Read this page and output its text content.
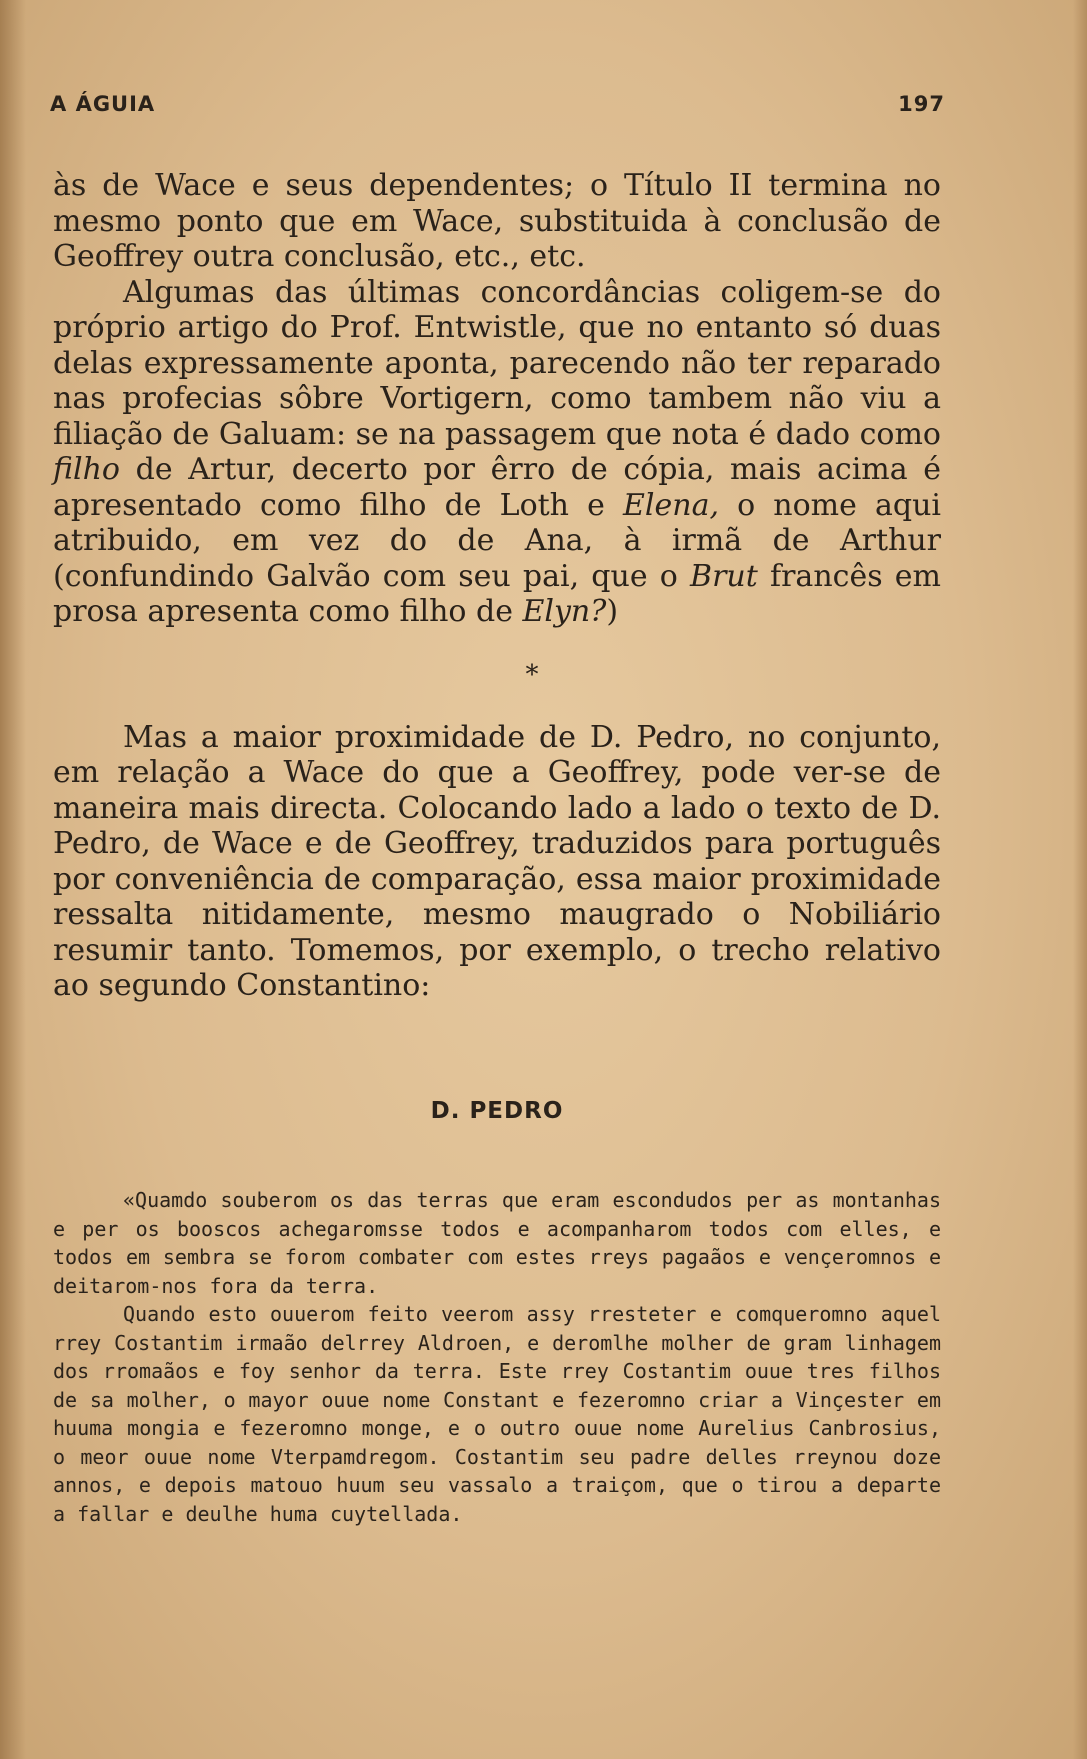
A ÁGUIA	197

às de Wace e seus dependentes; o Título II termina no mesmo ponto que em Wace, substituida à conclusão de Geoffrey outra conclusão, etc., etc.

Algumas das últimas concordâncias coligem-se do próprio artigo do Prof. Entwistle, que no entanto só duas delas expressamente aponta, parecendo não ter reparado nas profecias sôbre Vortigern, como tambem não viu a filiação de Galuam: se na passagem que nota é dado como filho de Artur, decerto por êrro de cópia, mais acima é apresentado como filho de Loth e Elena, o nome aqui atribuido, em vez do de Ana, à irmã de Arthur (confundindo Galvão com seu pai, que o Brut francês em prosa apresenta como filho de Elyn?)

*

Mas a maior proximidade de D. Pedro, no conjunto, em relação a Wace do que a Geoffrey, pode ver-se de maneira mais directa. Colocando lado a lado o texto de D. Pedro, de Wace e de Geoffrey, traduzidos para português por conveniência de comparação, essa maior proximidade ressalta nitidamente, mesmo maugrado o Nobiliário resumir tanto. Tomemos, por exemplo, o trecho relativo ao segundo Constantino:

D. PEDRO

«Quamdo souberom os das terras que eram escondudos per as montanhas e per os booscos achegaromsse todos e acompanharom todos com elles, e todos em sembra se forom combater com estes rreys pagaãos e vençeromnos e deitarom-nos fora da terra.

Quando esto ouuerom feito veerom assy rresteter e comqueromno aquel rrey Costantim irmaão delrrey Aldroen, e deromlhe molher de gram linhagem dos rromaãos e foy senhor da terra. Este rrey Costantim ouue tres filhos de sa molher, o mayor ouue nome Constant e fezeromno criar a Vinçester em huuma mongia e fezeromno monge, e o outro ouue nome Aurelius Canbrosius, o meor ouue nome Vterpamdregom. Costantim seu padre delles rreynou doze annos, e depois matouo huum seu vassalo a traiçom, que o tirou a departe a fallar e deulhe huma cuytellada.
